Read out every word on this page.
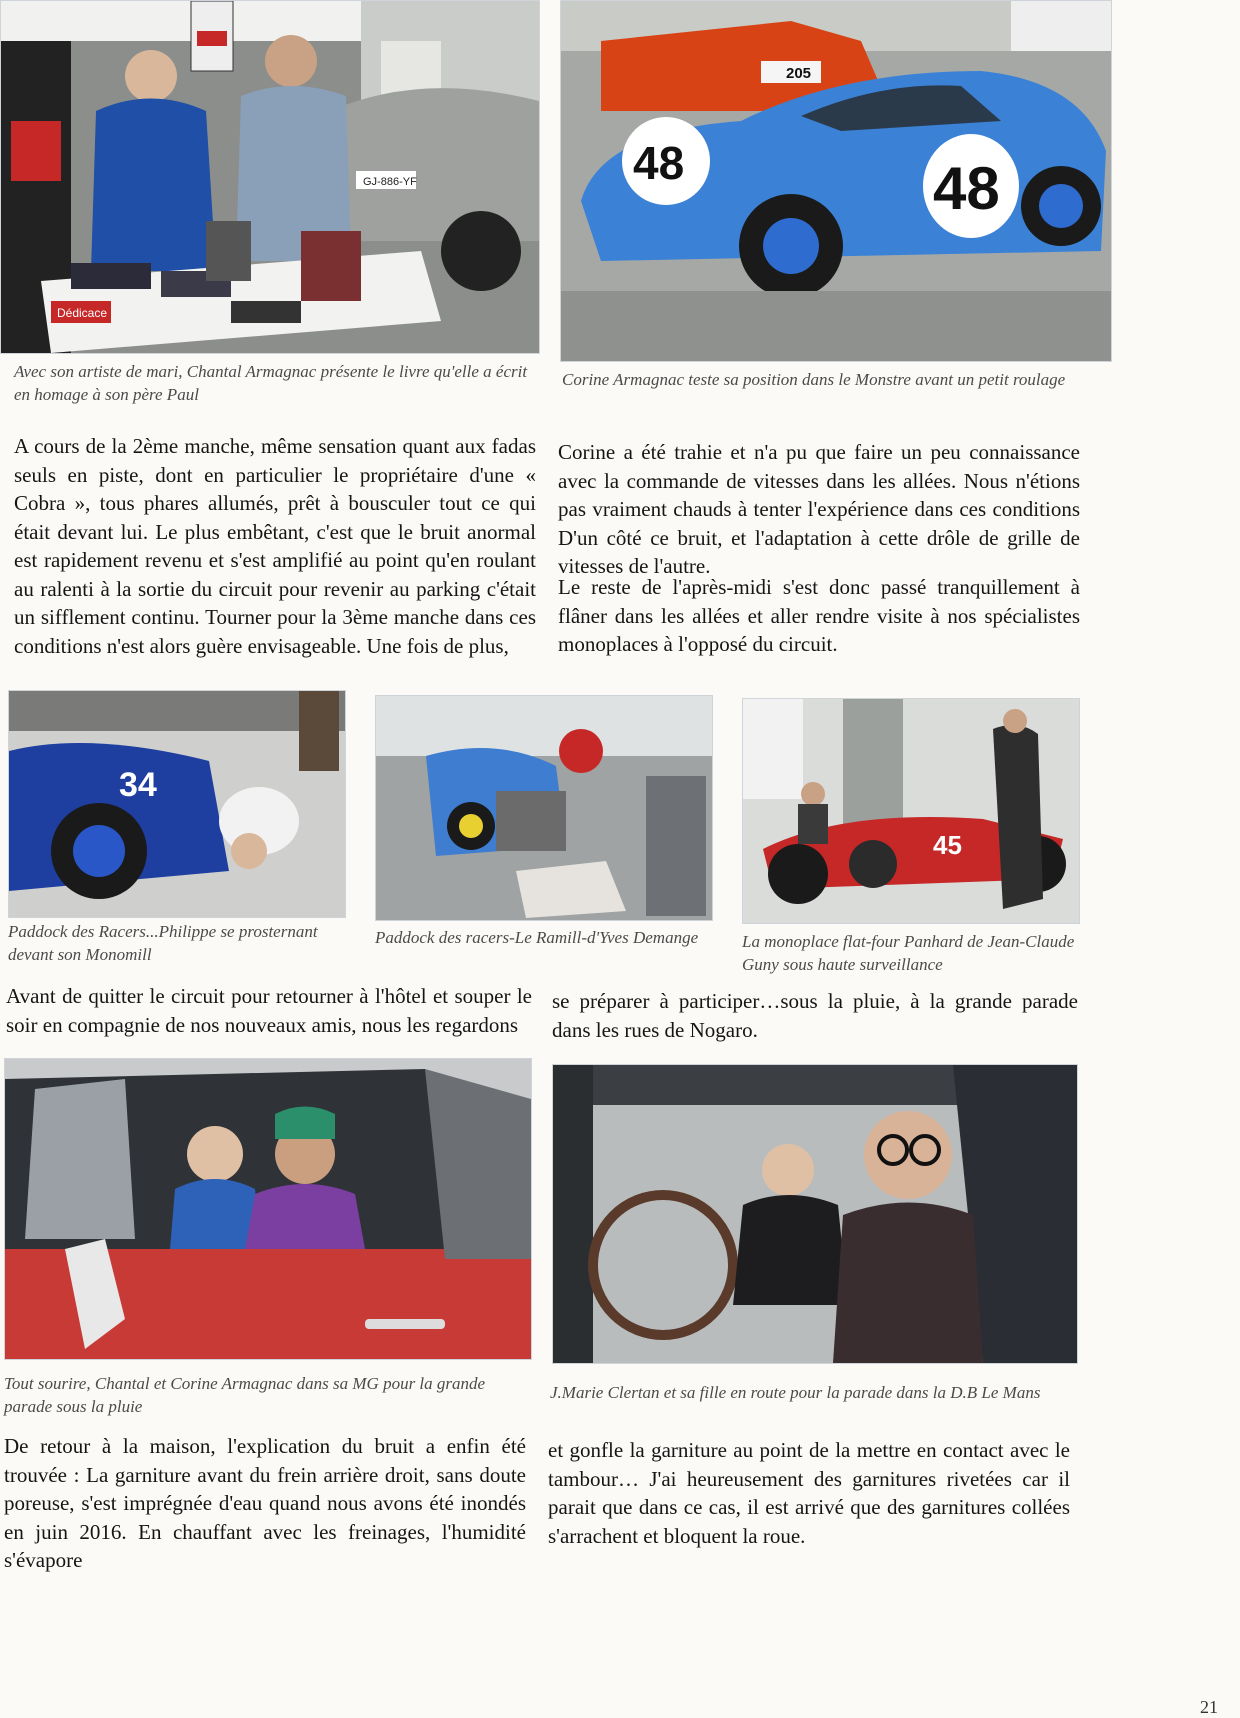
GJ-886-YF
Dédicace

Avec son artiste de mari, Chantal Armagnac présente le livre qu'elle a écrit en homage à son père Paul

205
48	48

Corine Armagnac teste sa position dans le Monstre avant un petit roulage

A cours de la 2ème manche, même sensation quant aux fadas seuls en piste, dont en particulier le propriétaire d'une « Cobra », tous phares allumés, prêt à bousculer tout ce qui était devant lui. Le plus embêtant, c'est que le bruit anormal est rapidement revenu et s'est amplifié au point qu'en roulant au ralenti à la sortie du circuit pour revenir au parking c'était un sifflement continu. Tourner pour la 3ème manche dans ces conditions n'est alors guère envisageable. Une fois de plus,

Corine a été trahie et n'a pu que faire un peu connaissance avec la commande de vitesses dans les allées. Nous n'étions pas vraiment chauds à tenter l'expérience dans ces conditions D'un côté ce bruit, et l'adaptation à cette drôle de grille de vitesses de l'autre.

Le reste de l'après-midi s'est donc passé tranquillement à flâner dans les allées et aller rendre visite à nos spécialistes monoplaces à l'opposé du circuit.

34

Paddock des Racers...Philippe se prosternant devant son Monomill

Paddock des racers-Le Ramill-d'Yves Demange

45

La monoplace flat-four Panhard de Jean-Claude Guny sous haute surveillance

Avant de quitter le circuit pour retourner à l'hôtel et souper le soir en compagnie de nos nouveaux amis, nous les regardons

se préparer à participer…sous la pluie, à la grande parade dans les rues de Nogaro.

Tout sourire, Chantal et Corine Armagnac dans sa MG pour la grande parade sous la pluie

J.Marie Clertan et sa fille en route pour la parade dans la D.B Le Mans

De retour à la maison, l'explication du bruit a enfin été trouvée : La garniture avant du frein arrière droit, sans doute poreuse, s'est imprégnée d'eau quand nous avons été inondés en juin 2016. En chauffant avec les freinages, l'humidité s'évapore

et gonfle la garniture au point de la mettre en contact avec le tambour… J'ai heureusement des garnitures rivetées car il parait que dans ce cas, il est arrivé que des garnitures collées s'arrachent et bloquent la roue.

21
